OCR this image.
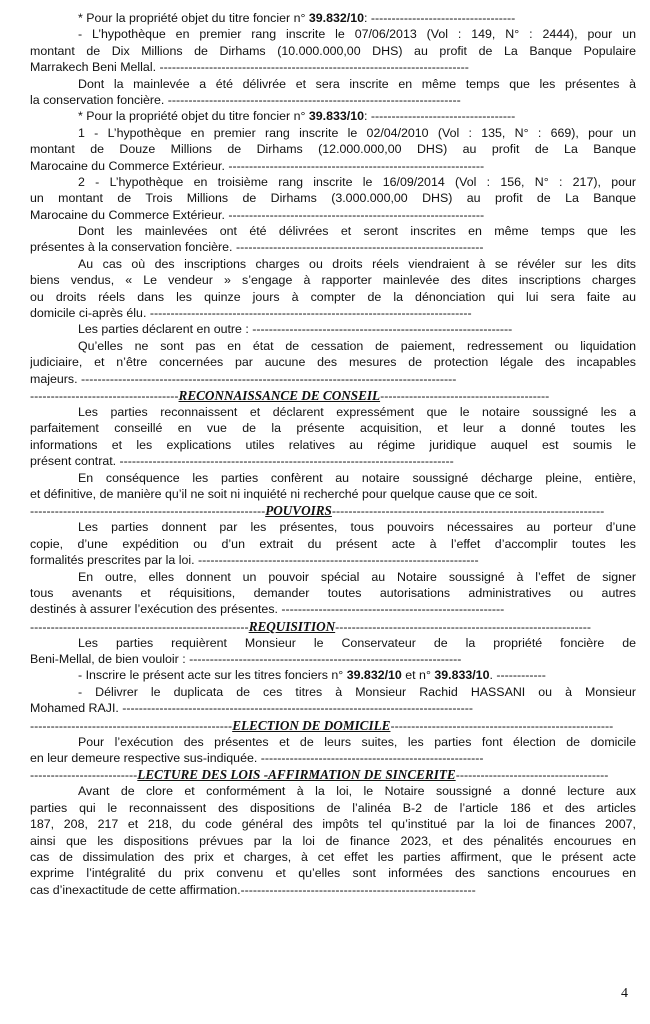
* Pour la propriété objet du titre foncier n° 39.832/10: -----------------------------------
- L’hypothèque en premier rang inscrite le 07/06/2013 (Vol : 149, N° : 2444), pour un
montant de Dix Millions de Dirhams (10.000.000,00 DHS) au profit de La Banque Populaire
Marrakech Beni Mellal. ---------------------------------------------------------------------------
Dont la mainlevée a été délivrée et sera inscrite en même temps que les présentes à
la conservation foncière. -----------------------------------------------------------------------
* Pour la propriété objet du titre foncier n° 39.833/10: -----------------------------------
1 - L’hypothèque en premier rang inscrite le 02/04/2010 (Vol : 135, N° : 669), pour un
montant de Douze Millions de Dirhams (12.000.000,00 DHS) au profit de La Banque
Marocaine du Commerce Extérieur. --------------------------------------------------------------
2 - L’hypothèque en troisième rang inscrite le 16/09/2014 (Vol : 156, N° : 217), pour
un montant de Trois Millions de Dirhams (3.000.000,00 DHS) au profit de La Banque
Marocaine du Commerce Extérieur. --------------------------------------------------------------
Dont les mainlevées ont été délivrées et seront inscrites en même temps que les
présentes à la conservation foncière. ------------------------------------------------------------
Au cas où des inscriptions charges ou droits réels viendraient à se révéler sur les dits
biens vendus, « Le vendeur » s’engage à rapporter mainlevée des dites inscriptions charges
ou droits réels dans les quinze jours à compter de la dénonciation qui lui sera faite au
domicile ci-après élu. ------------------------------------------------------------------------------
Les parties déclarent en outre : ---------------------------------------------------------------
Qu’elles ne sont pas en état de cessation de paiement, redressement ou liquidation
judiciaire, et n’être concernées par aucune des mesures de protection légale des incapables
majeurs. -------------------------------------------------------------------------------------------
------------------------------------RECONNAISSANCE DE CONSEIL-----------------------------------------
Les parties reconnaissent et déclarent expressément que le notaire soussigné les a
parfaitement conseillé en vue de la présente acquisition, et leur a donné toutes les
informations et les explications utiles relatives au régime juridique auquel est soumis le
présent contrat. ---------------------------------------------------------------------------------
En conséquence les parties confèrent au notaire soussigné décharge pleine, entière,
et définitive, de manière qu’il ne soit ni inquiété ni recherché pour quelque cause que ce soit.
---------------------------------------------------------POUVOIRS------------------------------------------------------------------
Les parties donnent par les présentes, tous pouvoirs nécessaires au porteur d’une
copie, d’une expédition ou d’un extrait du présent acte à l’effet d’accomplir toutes les
formalités prescrites par la loi. --------------------------------------------------------------------
En outre, elles donnent un pouvoir spécial au Notaire soussigné à l’effet de signer
tous avenants et réquisitions, demander toutes autorisations administratives ou autres
destinés à assurer l’exécution des présentes. ------------------------------------------------------
-----------------------------------------------------REQUISITION--------------------------------------------------------------
Les parties requièrent Monsieur le Conservateur de la propriété foncière de
Beni-Mellal, de bien vouloir : ------------------------------------------------------------------
- Inscrire le présent acte sur les titres fonciers n° 39.832/10 et n° 39.833/10. ------------
- Délivrer le duplicata de ces titres à Monsieur Rachid HASSANI ou à Monsieur
Mohamed RAJI. -------------------------------------------------------------------------------------
-------------------------------------------------ELECTION DE DOMICILE------------------------------------------------------
Pour l’exécution des présentes et de leurs suites, les parties font élection de domicile
en leur demeure respective sus-indiquée. ------------------------------------------------------
--------------------------LECTURE DES LOIS -AFFIRMATION DE SINCERITE-------------------------------------
Avant de clore et conformément à la loi, le Notaire soussigné a donné lecture aux
parties qui le reconnaissent des dispositions de l’alinéa B-2 de l’article 186 et des articles
187, 208, 217 et 218, du code général des impôts tel qu’institué par la loi de finances 2007,
ainsi que les dispositions prévues par la loi de finance 2023, et des pénalités encourues en
cas de dissimulation des prix et charges, à cet effet les parties affirment, que le présent acte
exprime l’intégralité du prix convenu et qu’elles sont informées des sanctions encourues en
cas d’inexactitude de cette affirmation.---------------------------------------------------------
4
